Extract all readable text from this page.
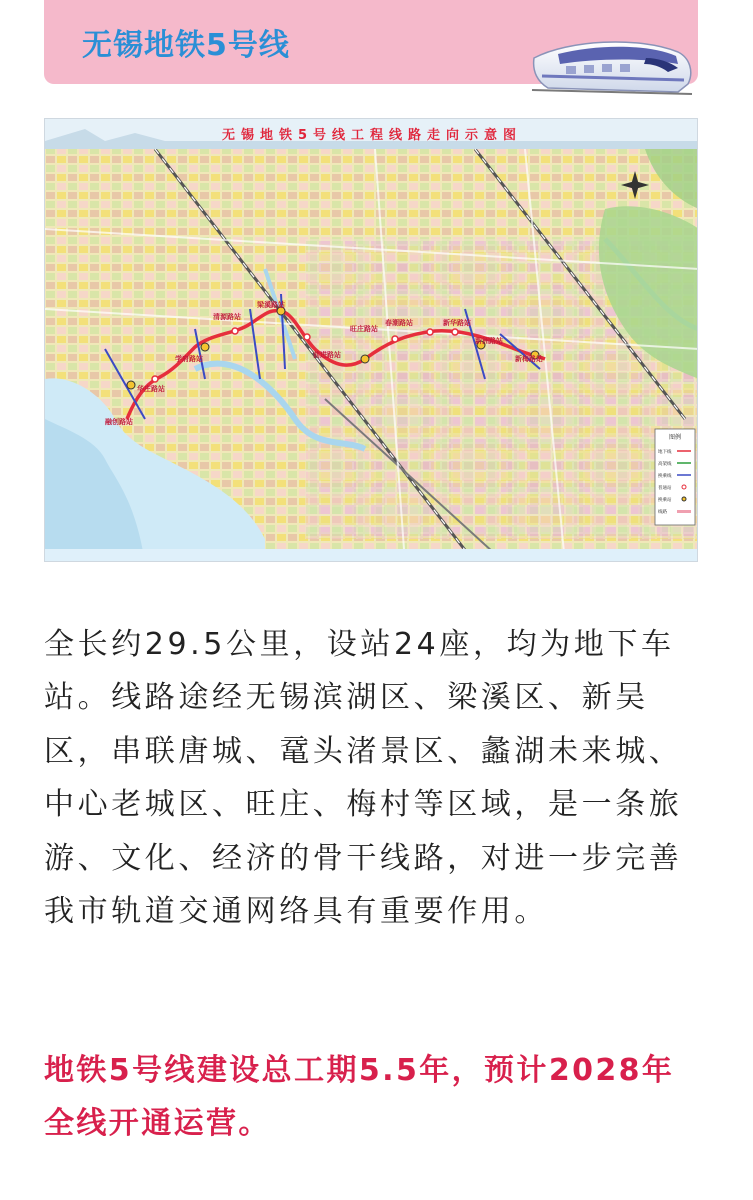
无锡地铁5号线
无锡地铁5号线工程线路走向示意图
融创路站
华庄路站
学府路站
清源路站
梁溪路站
前进路站
旺庄路站
春潮路站	新华路站
新洲路站
新梅路站
图例
地下线
高架线
换乘线
普通站
换乘站
线路
全长约29.5公里，设站24座，均为地下车站。线路途经无锡滨湖区、梁溪区、新吴区，串联唐城、鼋头渚景区、蠡湖未来城、中心老城区、旺庄、梅村等区域，是一条旅游、文化、经济的骨干线路，对进一步完善我市轨道交通网络具有重要作用。
地铁5号线建设总工期5.5年，预计2028年全线开通运营。
